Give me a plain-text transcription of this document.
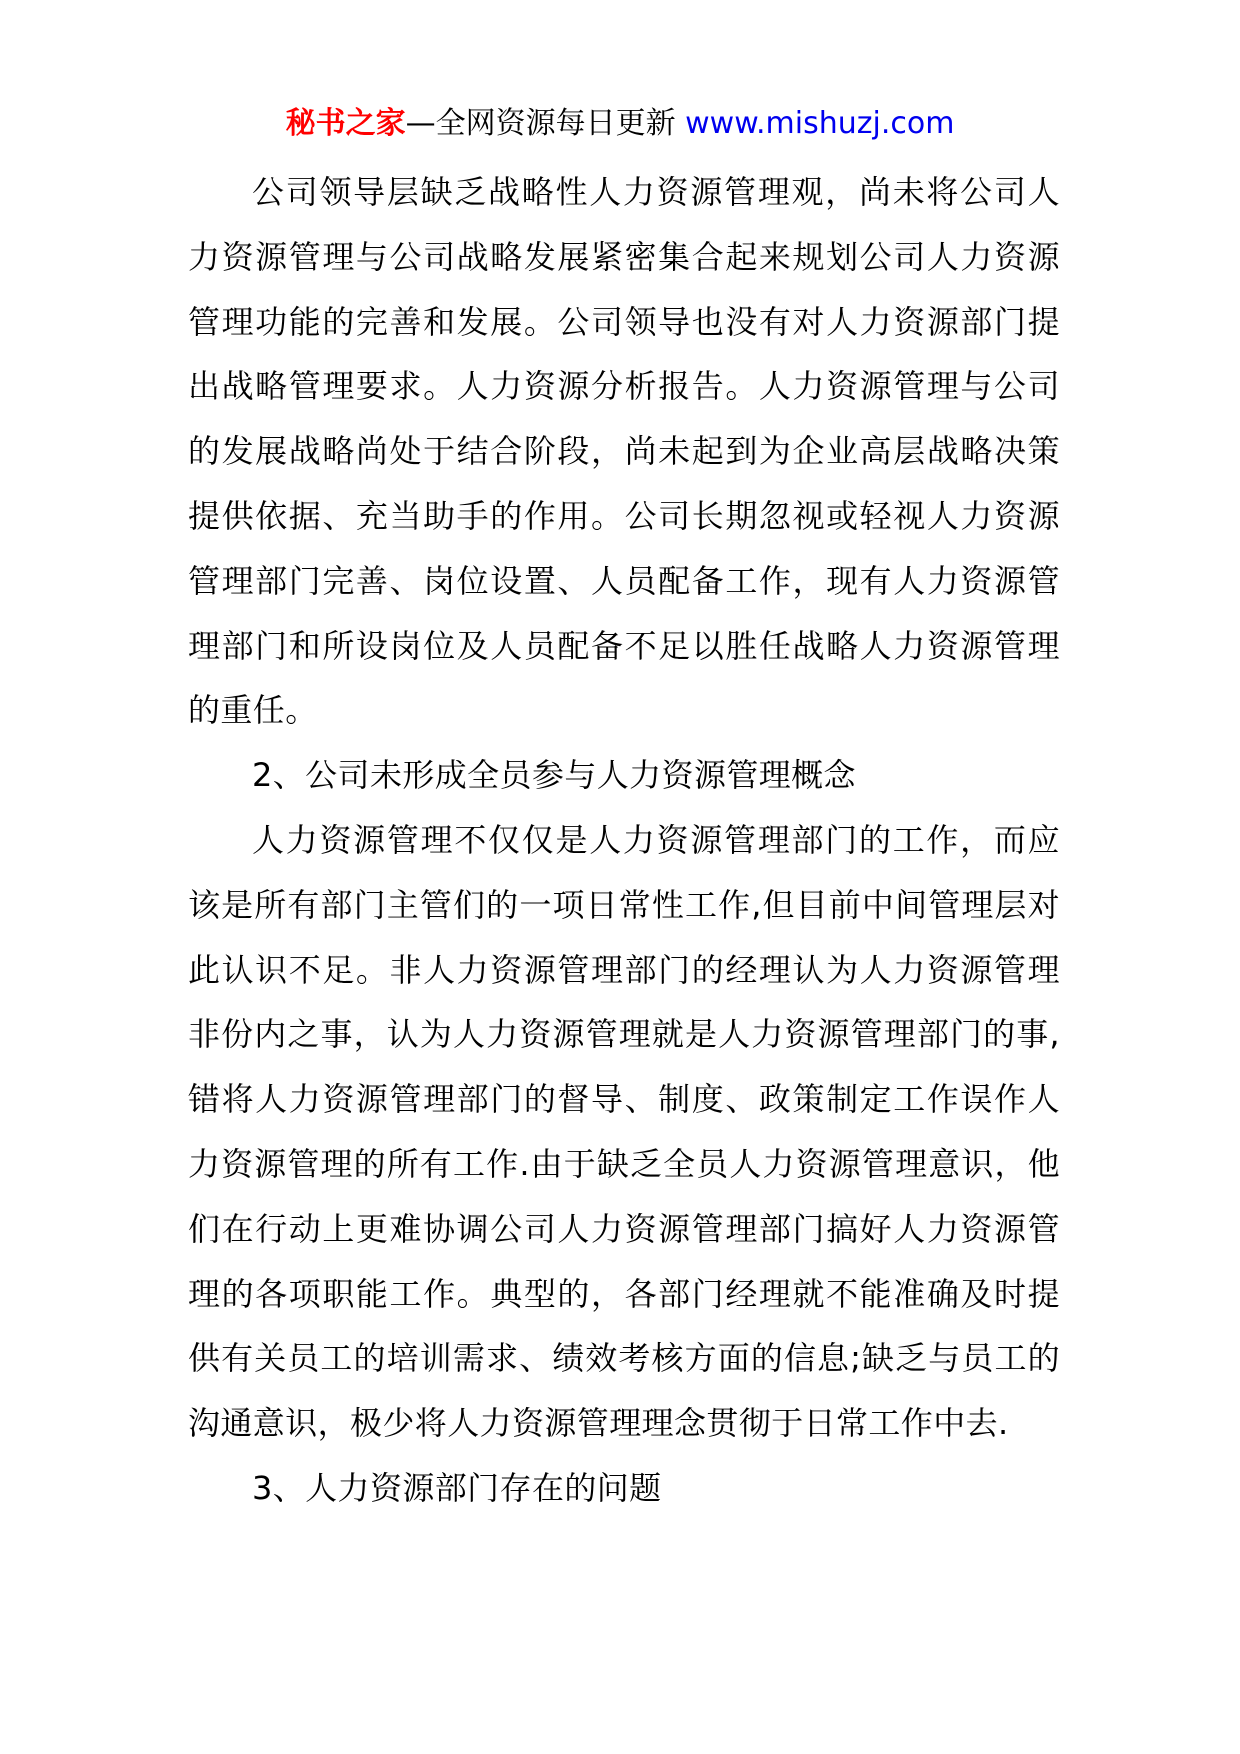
秘书之家—全网资源每日更新 www.mishuzj.com

公司领导层缺乏战略性人力资源管理观，尚未将公司人力资源管理与公司战略发展紧密集合起来规划公司人力资源管理功能的完善和发展。公司领导也没有对人力资源部门提出战略管理要求。人力资源分析报告。人力资源管理与公司的发展战略尚处于结合阶段，尚未起到为企业高层战略决策提供依据、充当助手的作用。公司长期忽视或轻视人力资源管理部门完善、岗位设置、人员配备工作，现有人力资源管理部门和所设岗位及人员配备不足以胜任战略人力资源管理的重任。

2、公司未形成全员参与人力资源管理概念

人力资源管理不仅仅是人力资源管理部门的工作，而应该是所有部门主管们的一项日常性工作,但目前中间管理层对此认识不足。非人力资源管理部门的经理认为人力资源管理非份内之事，认为人力资源管理就是人力资源管理部门的事,错将人力资源管理部门的督导、制度、政策制定工作误作人力资源管理的所有工作.由于缺乏全员人力资源管理意识，他们在行动上更难协调公司人力资源管理部门搞好人力资源管理的各项职能工作。典型的，各部门经理就不能准确及时提供有关员工的培训需求、绩效考核方面的信息;缺乏与员工的沟通意识，极少将人力资源管理理念贯彻于日常工作中去.

3、人力资源部门存在的问题
